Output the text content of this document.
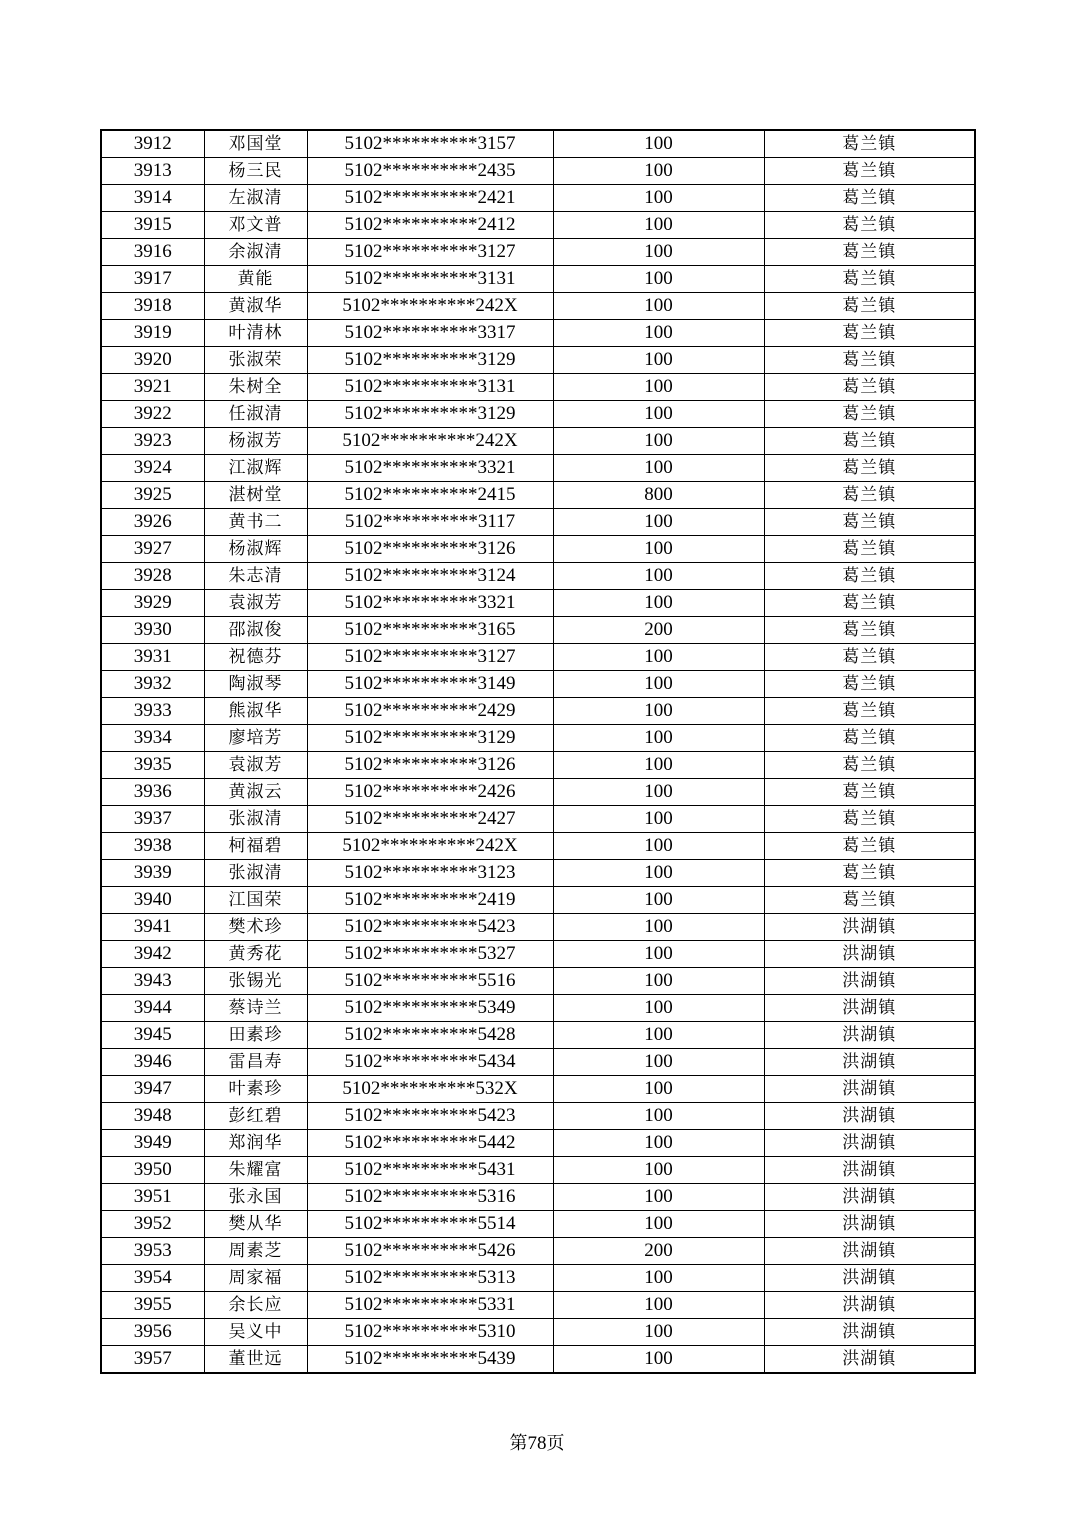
3912	邓国堂	5102**********3157	100	葛兰镇
3913	杨三民	5102**********2435	100	葛兰镇
3914	左淑清	5102**********2421	100	葛兰镇
3915	邓文普	5102**********2412	100	葛兰镇
3916	余淑清	5102**********3127	100	葛兰镇
3917	黄能	5102**********3131	100	葛兰镇
3918	黄淑华	5102**********242X	100	葛兰镇
3919	叶清林	5102**********3317	100	葛兰镇
3920	张淑荣	5102**********3129	100	葛兰镇
3921	朱树全	5102**********3131	100	葛兰镇
3922	任淑清	5102**********3129	100	葛兰镇
3923	杨淑芳	5102**********242X	100	葛兰镇
3924	江淑辉	5102**********3321	100	葛兰镇
3925	湛树堂	5102**********2415	800	葛兰镇
3926	黄书二	5102**********3117	100	葛兰镇
3927	杨淑辉	5102**********3126	100	葛兰镇
3928	朱志清	5102**********3124	100	葛兰镇
3929	袁淑芳	5102**********3321	100	葛兰镇
3930	邵淑俊	5102**********3165	200	葛兰镇
3931	祝德芬	5102**********3127	100	葛兰镇
3932	陶淑琴	5102**********3149	100	葛兰镇
3933	熊淑华	5102**********2429	100	葛兰镇
3934	廖培芳	5102**********3129	100	葛兰镇
3935	袁淑芳	5102**********3126	100	葛兰镇
3936	黄淑云	5102**********2426	100	葛兰镇
3937	张淑清	5102**********2427	100	葛兰镇
3938	柯福碧	5102**********242X	100	葛兰镇
3939	张淑清	5102**********3123	100	葛兰镇
3940	江国荣	5102**********2419	100	葛兰镇
3941	樊术珍	5102**********5423	100	洪湖镇
3942	黄秀花	5102**********5327	100	洪湖镇
3943	张锡光	5102**********5516	100	洪湖镇
3944	蔡诗兰	5102**********5349	100	洪湖镇
3945	田素珍	5102**********5428	100	洪湖镇
3946	雷昌寿	5102**********5434	100	洪湖镇
3947	叶素珍	5102**********532X	100	洪湖镇
3948	彭红碧	5102**********5423	100	洪湖镇
3949	郑润华	5102**********5442	100	洪湖镇
3950	朱耀富	5102**********5431	100	洪湖镇
3951	张永国	5102**********5316	100	洪湖镇
3952	樊从华	5102**********5514	100	洪湖镇
3953	周素芝	5102**********5426	200	洪湖镇
3954	周家福	5102**********5313	100	洪湖镇
3955	余长应	5102**********5331	100	洪湖镇
3956	吴义中	5102**********5310	100	洪湖镇
3957	董世远	5102**********5439	100	洪湖镇
第78页
